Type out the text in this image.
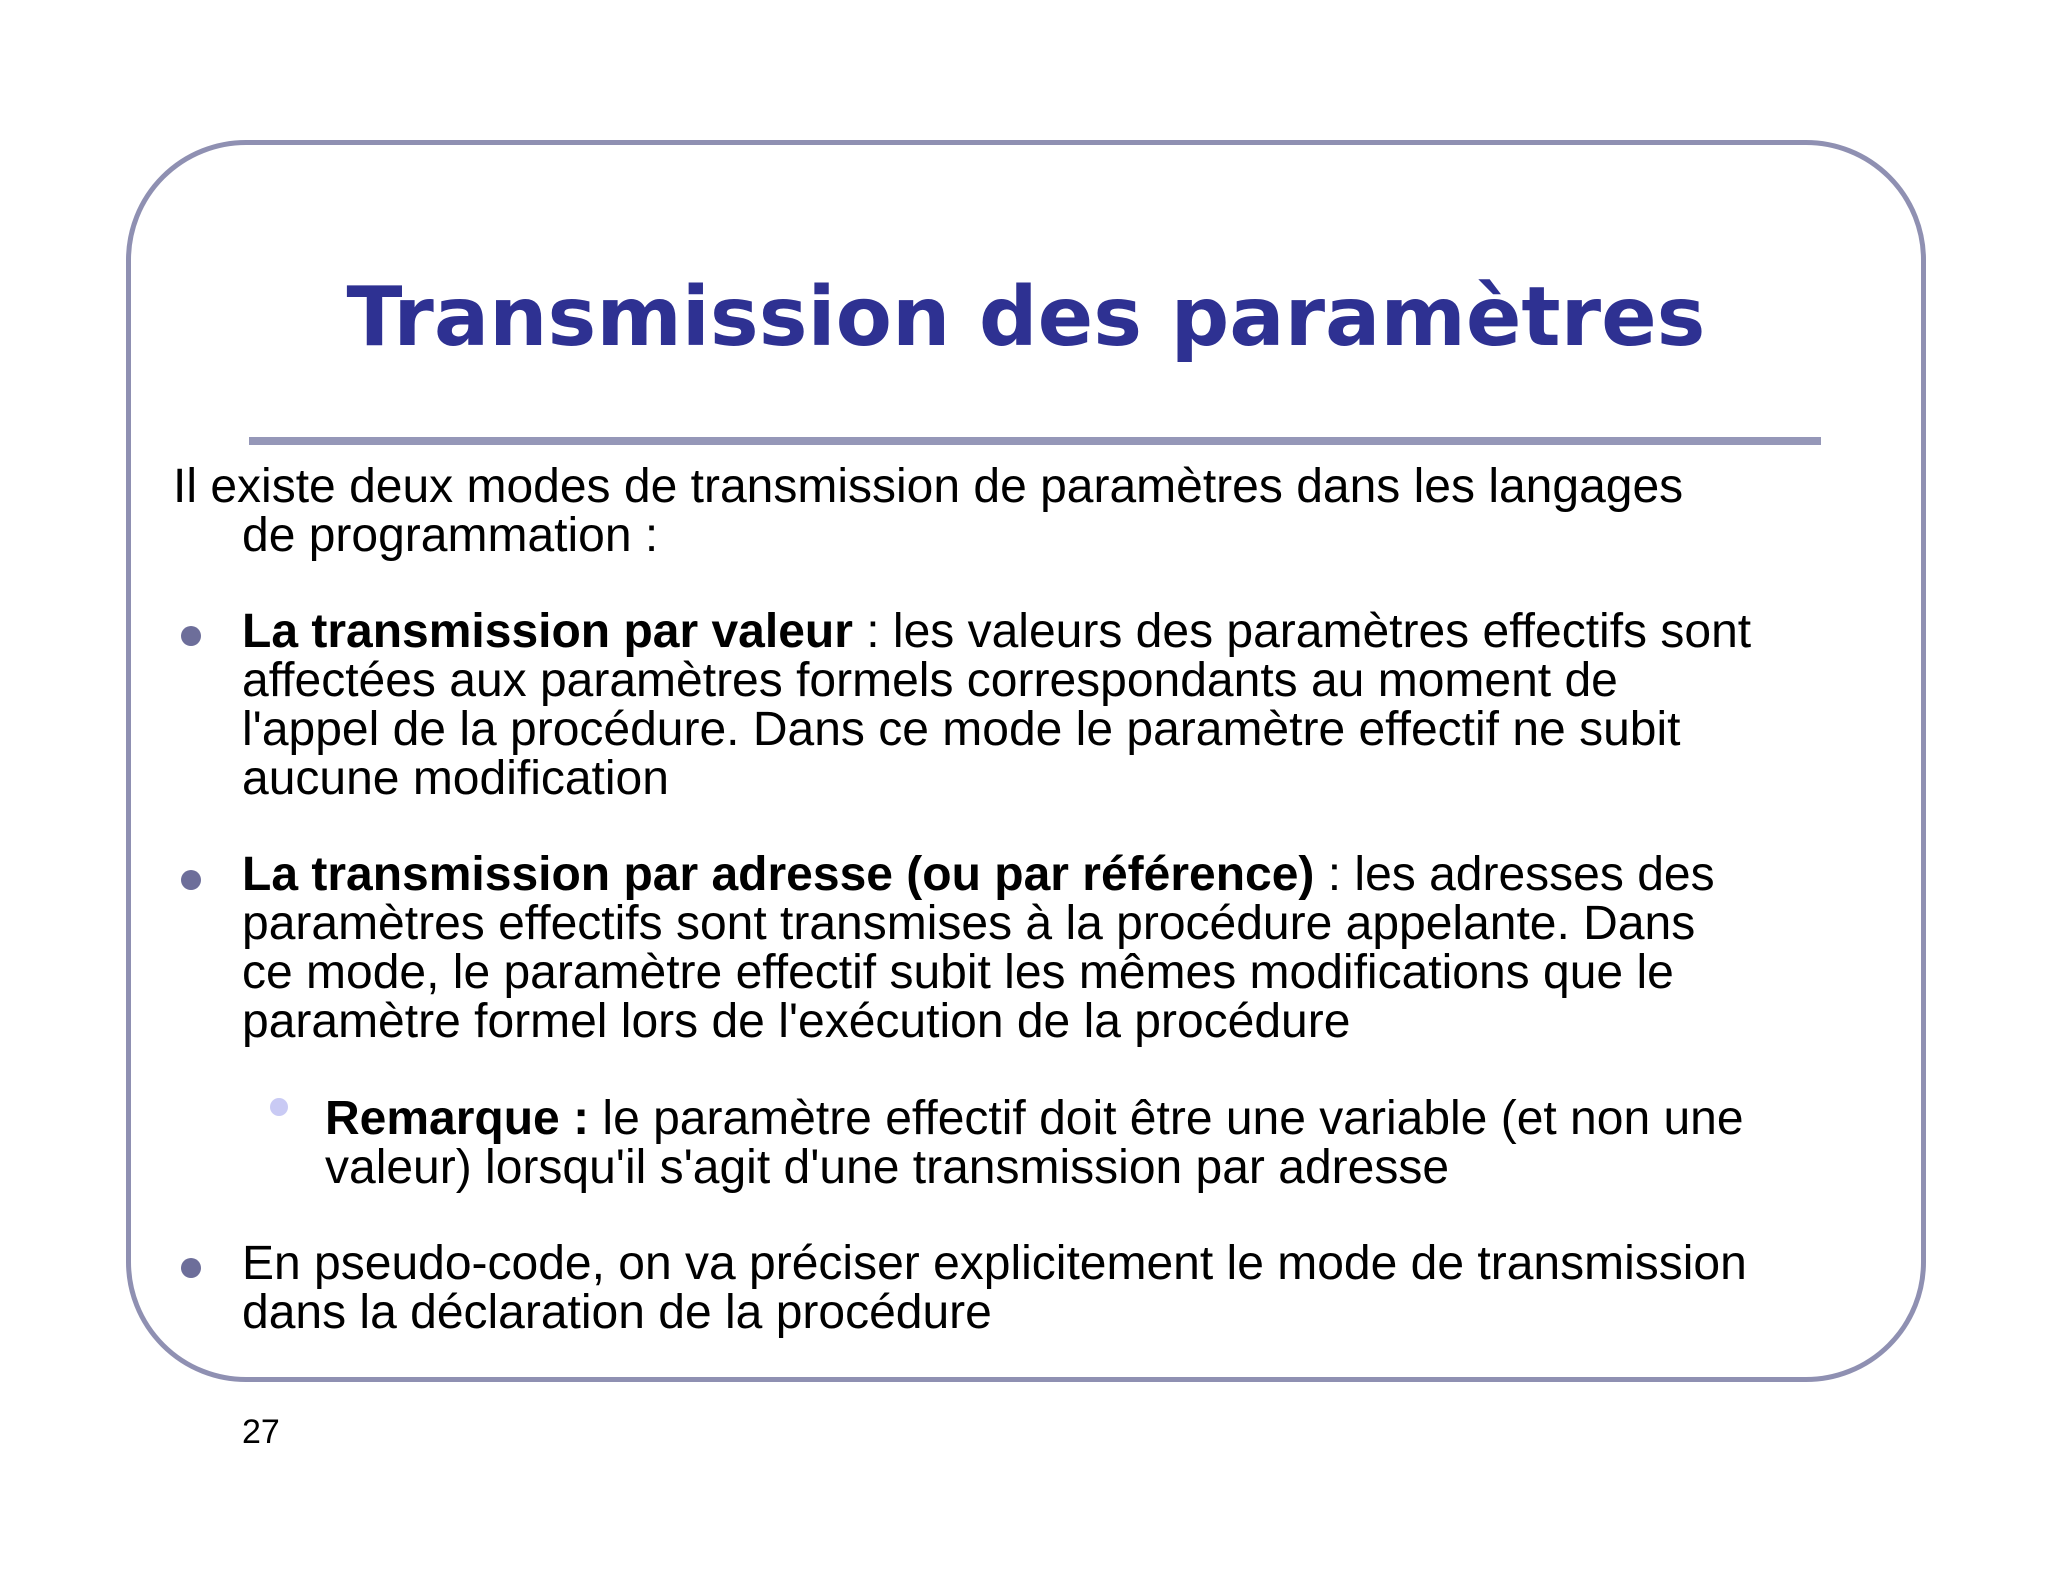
Transmission des paramètres

Il existe deux modes de transmission de paramètres dans les langages
de programmation :

La transmission par valeur : les valeurs des paramètres effectifs sont
affectées aux paramètres formels correspondants au moment de
l'appel de la procédure. Dans ce mode le paramètre effectif ne subit
aucune modification

La transmission par adresse (ou par référence) : les adresses des
paramètres effectifs sont transmises à la procédure appelante. Dans
ce mode, le paramètre effectif subit les mêmes modifications que le
paramètre formel lors de l'exécution de la procédure

Remarque : le paramètre effectif doit être une variable (et non une
valeur) lorsqu'il s'agit d'une transmission par adresse

En pseudo-code, on va préciser explicitement le mode de transmission
dans la déclaration de la procédure

27
